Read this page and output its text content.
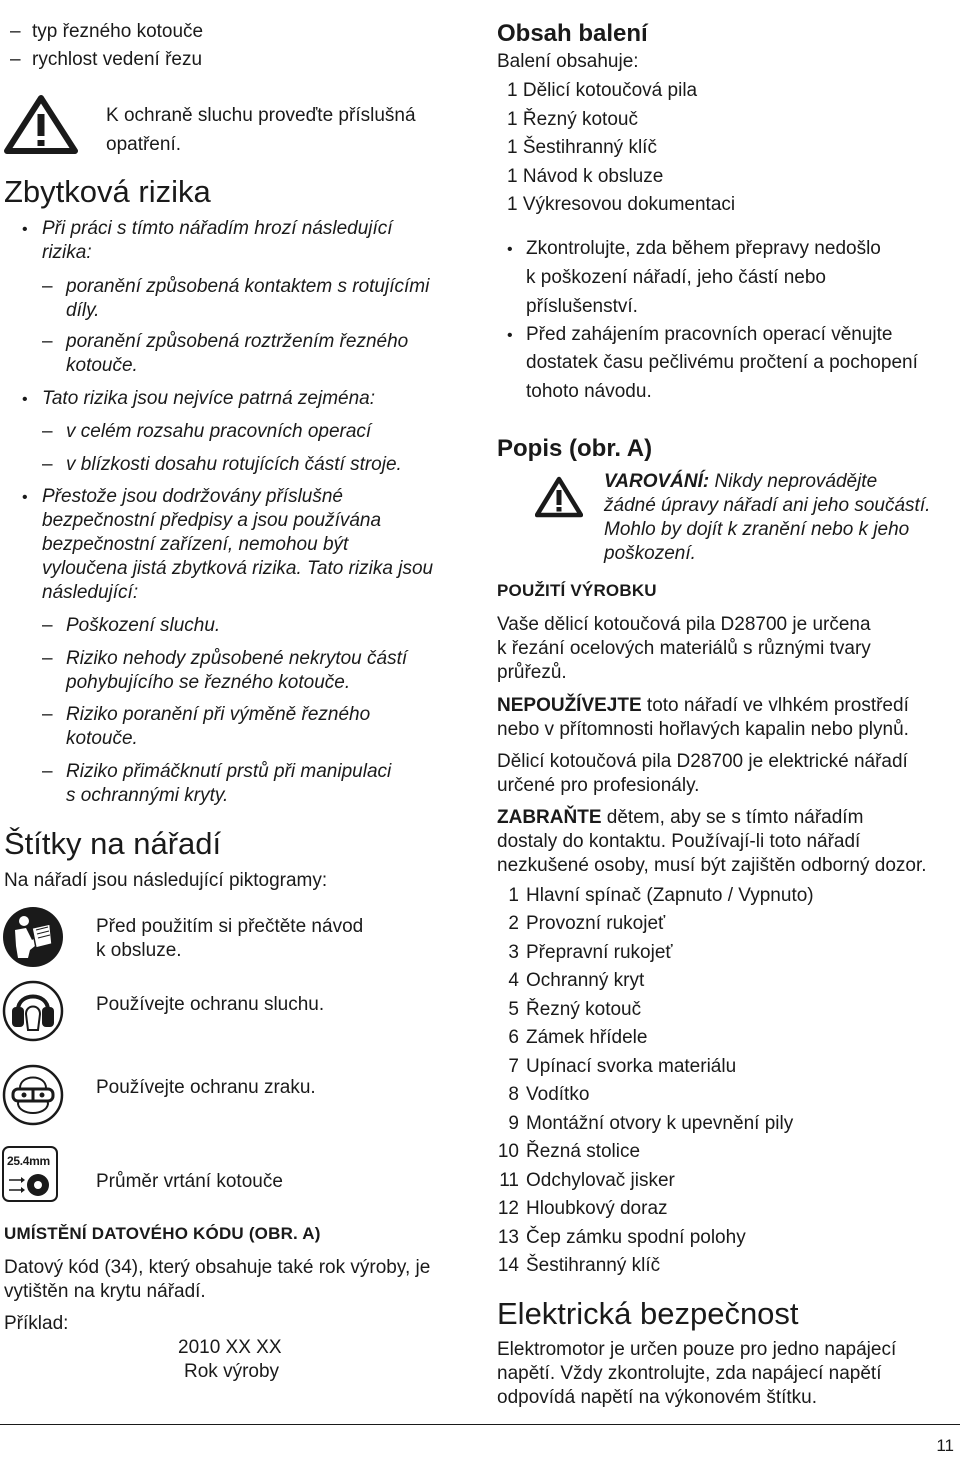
– typ řezného kotouče
– rychlost vedení řezu
K ochraně sluchu proveďte příslušná
opatření.
Zbytková rizika
• Při práci s tímto nářadím hrozí následující
rizika:
– poranění způsobená kontaktem s rotujícími
díly.
– poranění způsobená roztržením řezného
kotouče.
• Tato rizika jsou nejvíce patrná zejména:
– v celém rozsahu pracovních operací
– v blízkosti dosahu rotujících částí stroje.
• Přestože jsou dodržovány příslušné
bezpečnostní předpisy a jsou používána
bezpečnostní zařízení, nemohou být
vyloučena jistá zbytková rizika. Tato rizika jsou
následující:
– Poškození sluchu.
– Riziko nehody způsobené nekrytou částí
pohybujícího se řezného kotouče.
– Riziko poranění při výměně řezného
kotouče.
– Riziko přimáčknutí prstů při manipulaci
s ochrannými kryty.
Štítky na nářadí
Na nářadí jsou následující piktogramy:
Před použitím si přečtěte návod
k obsluze.
Používejte ochranu sluchu.
Používejte ochranu zraku.
25.4mm
Průměr vrtání kotouče
UMÍSTĚNÍ DATOVÉHO KÓDU (OBR. A)
Datový kód (34), který obsahuje také rok výroby, je
vytištěn na krytu nářadí.
Příklad:
2010 XX XX
Rok výroby
Obsah balení
Balení obsahuje:
1 Dělicí kotoučová pila
1 Řezný kotouč
1 Šestihranný klíč
1 Návod k obsluze
1 Výkresovou dokumentaci
• Zkontrolujte, zda během přepravy nedošlo
k poškození nářadí, jeho částí nebo
příslušenství.
• Před zahájením pracovních operací věnujte
dostatek času pečlivému pročtení a pochopení
tohoto návodu.
Popis (obr. A)
VAROVÁNÍ: Nikdy neprovádějte
žádné úpravy nářadí ani jeho součástí.
Mohlo by dojít k zranění nebo k jeho
poškození.
POUŽITÍ VÝROBKU
Vaše dělicí kotoučová pila D28700 je určena
k řezání ocelových materiálů s různými tvary
průřezů.
NEPOUŽÍVEJTE toto nářadí ve vlhkém prostředí
nebo v přítomnosti hořlavých kapalin nebo plynů.
Dělicí kotoučová pila D28700 je elektrické nářadí
určené pro profesionály.
ZABRAŇTE dětem, aby se s tímto nářadím
dostaly do kontaktu. Používají-li toto nářadí
nezkušené osoby, musí být zajištěn odborný dozor.
1 Hlavní spínač (Zapnuto / Vypnuto)
2 Provozní rukojeť
3 Přepravní rukojeť
4 Ochranný kryt
5 Řezný kotouč
6 Zámek hřídele
7 Upínací svorka materiálu
8 Vodítko
9 Montážní otvory k upevnění pily
10 Řezná stolice
11 Odchylovač jisker
12 Hloubkový doraz
13 Čep zámku spodní polohy
14 Šestihranný klíč
Elektrická bezpečnost
Elektromotor je určen pouze pro jedno napájecí
napětí. Vždy zkontrolujte, zda napájecí napětí
odpovídá napětí na výkonovém štítku.
11
